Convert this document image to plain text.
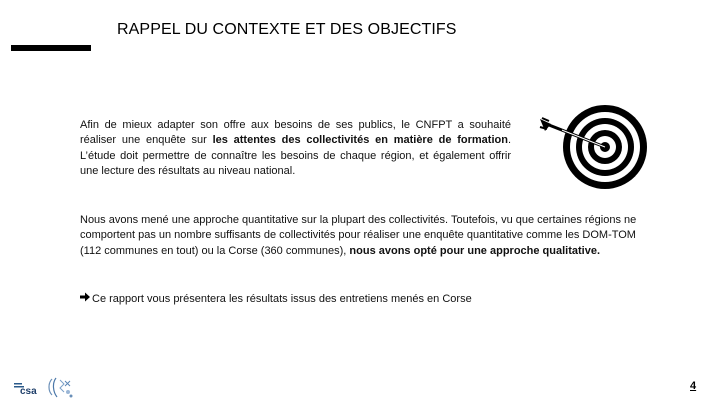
RAPPEL DU CONTEXTE ET DES OBJECTIFS
Afin de mieux adapter son offre aux besoins de ses publics, le CNFPT a souhaité réaliser une enquête sur les attentes des collectivités en matière de formation. L’étude doit permettre de connaître les besoins de chaque région, et également offrir une lecture des résultats au niveau national.
Nous avons mené une approche quantitative sur la plupart des collectivités. Toutefois, vu que certaines régions ne comportent pas un nombre suffisants de collectivités pour réaliser une enquête quantitative comme les DOM-TOM (112 communes en tout) ou la Corse (360 communes), nous avons opté pour une approche qualitative.
Ce rapport vous présentera les résultats issus des entretiens menés en Corse
csa	4
